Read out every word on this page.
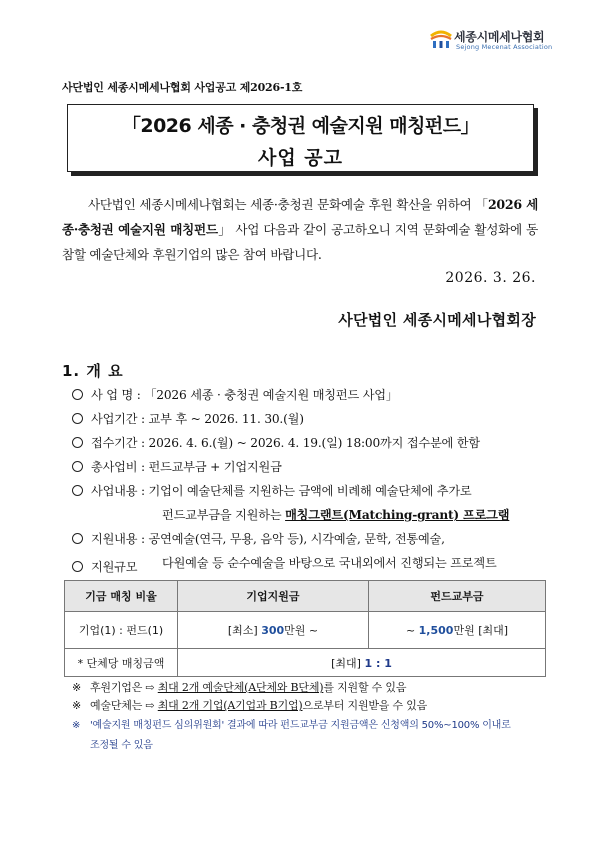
세종시메세나협회
Sejong Mecenat Association
사단법인 세종시메세나협회 사업공고 제2026-1호
「2026 세종 · 충청권 예술지원 매칭펀드」
사업 공고
사단법인 세종시메세나협회는 세종·충청권 문화예술 후원 확산을 위하여 「2026 세종·충청권 예술지원 매칭펀드」 사업 다음과 같이 공고하오니 지역 문화예술 활성화에 동참할 예술단체와 후원기업의 많은 참여 바랍니다.
2026. 3. 26.
사단법인 세종시메세나협회장
1. 개 요
사 업 명 : 「2026 세종 · 충청권 예술지원 매칭펀드 사업」
사업기간 : 교부 후 ~ 2026. 11. 30.(월)
접수기간 : 2026. 4. 6.(월) ~ 2026. 4. 19.(일) 18:00까지 접수분에 한함
총사업비 : 펀드교부금 + 기업지원금
사업내용 : 기업이 예술단체를 지원하는 금액에 비례해 예술단체에 추가로
펀드교부금을 지원하는 매칭그랜트(Matching-grant) 프로그램
지원내용 : 공연예술(연극, 무용, 음악 등), 시각예술, 문학, 전통예술,
다원예술 등 순수예술을 바탕으로 국내외에서 진행되는 프로젝트
지원규모
기금 매칭 비율	기업지원금	펀드교부금
기업(1) : 펀드(1)	[최소] 300만원 ~	~ 1,500만원 [최대]
* 단체당 매칭금액	[최대] 1 : 1	
※ 후원기업은 ⇨ 최대 2개 예술단체(A단체와 B단체)를 지원할 수 있음
※ 예술단체는 ⇨ 최대 2개 기업(A기업과 B기업)으로부터 지원받을 수 있음
※ '예술지원 매칭펀드 심의위원회' 결과에 따라 펀드교부금 지원금액은 신청액의 50%~100% 이내로
조정될 수 있음
